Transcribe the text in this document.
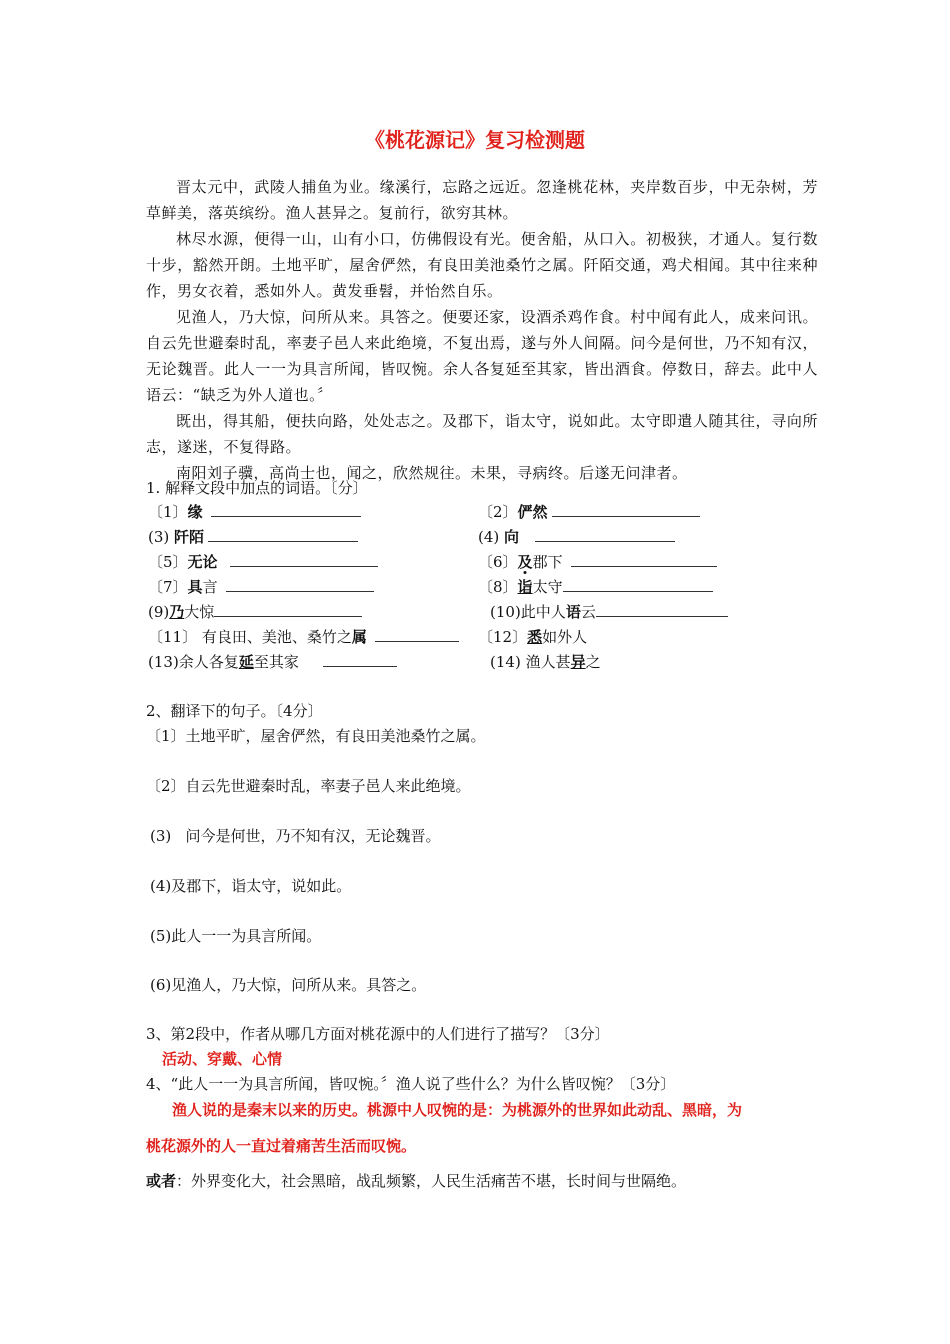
《桃花源记》复习检测题

晋太元中，武陵人捕鱼为业。缘溪行，忘路之远近。忽逢桃花林，夹岸数百步，中无杂树，芳草鲜美，落英缤纷。渔人甚异之。复前行，欲穷其林。

林尽水源，便得一山，山有小口，仿佛假设有光。便舍船，从口入。初极狭，才通人。复行数十步，豁然开朗。土地平旷，屋舍俨然，有良田美池桑竹之属。阡陌交通，鸡犬相闻。其中往来种作，男女衣着，悉如外人。黄发垂髫，并怡然自乐。

见渔人，乃大惊，问所从来。具答之。便要还家，设酒杀鸡作食。村中闻有此人，成来问讯。自云先世避秦时乱，率妻子邑人来此绝境，不复出焉，遂与外人间隔。问今是何世，乃不知有汉，无论魏晋。此人一一为具言所闻，皆叹惋。余人各复延至其家，皆出酒食。停数日，辞去。此中人语云：“缺乏为外人道也。〞

既出，得其船，便扶向路，处处志之。及郡下，诣太守，说如此。太守即遣人随其往，寻向所志，遂迷，不复得路。

南阳刘子骥，高尚士也，闻之，欣然规往。未果，寻病终。后遂无问津者。

1. 解释文段中加点的词语。〔分〕
〔1〕缘	〔2〕俨然
(3) 阡陌	(4) 向
〔5〕无论	〔6〕及郡下
〔7〕具言	〔8〕诣太守
(9)乃大惊	(10)此中人语云
〔11〕 有良田、美池、桑竹之属	〔12〕悉如外人
(13)余人各复延至其家	(14) 渔人甚异之
2、翻译下的句子。〔4分〕
〔1〕土地平旷，屋舍俨然，有良田美池桑竹之属。
〔2〕自云先世避秦时乱，率妻子邑人来此绝境。
(3)   问今是何世，乃不知有汉，无论魏晋。
(4)及郡下，诣太守，说如此。
(5)此人一一为具言所闻。
(6)见渔人，乃大惊，问所从来。具答之。
3、第2段中，作者从哪几方面对桃花源中的人们进行了描写？〔3分〕
活动、穿戴、心情
4、“此人一一为具言所闻，皆叹惋。〞渔人说了些什么？为什么皆叹惋？〔3分〕
渔人说的是秦末以来的历史。桃源中人叹惋的是：为桃源外的世界如此动乱、黑暗，为
桃花源外的人一直过着痛苦生活而叹惋。
或者：外界变化大，社会黑暗，战乱频繁，人民生活痛苦不堪，长时间与世隔绝。
